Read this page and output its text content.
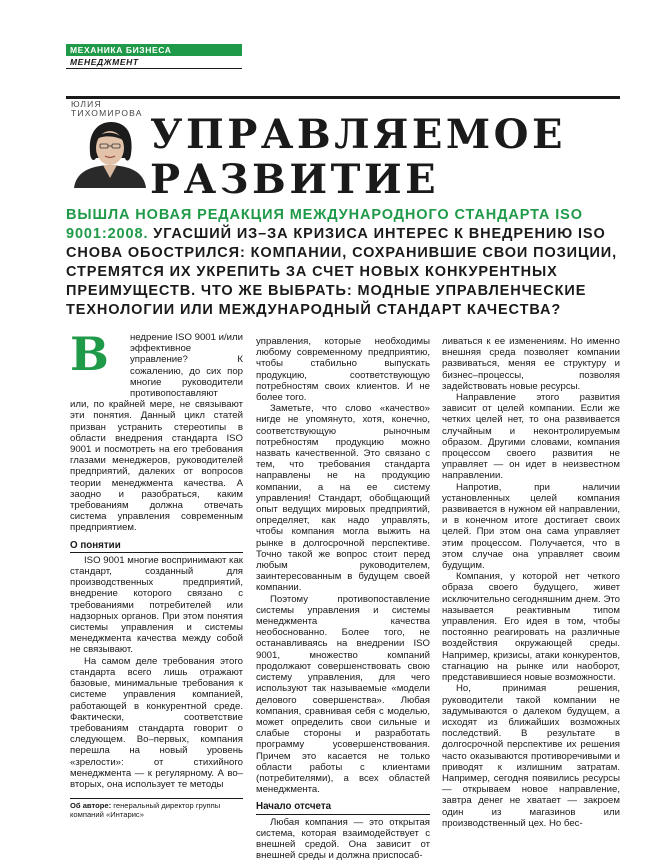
МЕХАНИКА БИЗНЕСА
МЕНЕДЖМЕНТ
ЮЛИЯ
ТИХОМИРОВА УПРАВЛЯЕМОЕ
РАЗВИТИЕ
ВЫШЛА НОВАЯ РЕДАКЦИЯ МЕЖДУНАРОДНОГО СТАНДАРТА ISO 9001:2008. УГАСШИЙ ИЗ–ЗА КРИЗИСА ИНТЕРЕС К ВНЕДРЕНИЮ ISO СНОВА ОБОСТРИЛСЯ: КОМПАНИИ, СОХРАНИВШИЕ СВОИ ПОЗИЦИИ, СТРЕМЯТСЯ ИХ УКРЕПИТЬ ЗА СЧЕТ НОВЫХ КОНКУРЕНТНЫХ ПРЕИМУЩЕСТВ. ЧТО ЖЕ ВЫБРАТЬ: МОДНЫЕ УПРАВЛЕНЧЕСКИЕ ТЕХНОЛОГИИ ИЛИ МЕЖДУНАРОДНЫЙ СТАНДАРТ КАЧЕСТВА?
В	недрение ISO 9001 и/или эффективное управление? К сожалению, до сих пор многие руководители противопоставляют

или, по крайней мере, не связывают эти понятия. Данный цикл статей призван устранить стереотипы в области внедрения стандарта ISO 9001 и посмотреть на его требования глазами менеджеров, руководителей предприятий, далеких от вопросов теории менеджмента качества. А заодно и разобраться, каким требованиям должна отвечать система управления современным предприятием.

О понятии

ISO 9001 многие воспринимают как стандарт, созданный для производственных предприятий, внедрение которого связано с требованиями потребителей или надзорных органов. При этом понятия системы управления и системы менеджмента качества между собой не связывают.

На самом деле требования этого стандарта всего лишь отражают базовые, минимальные требования к системе управления компанией, работающей в конкурентной среде. Фактически, соответствие требованиям стандарта говорит о следующем. Во–первых, компания перешла на новый уровень «зрелости»: от стихийного менеджмента — к регулярному. А во–вторых, она использует те методы

управления, которые необходимы любому современному предприятию, чтобы стабильно выпускать продукцию, соответствующую потребностям своих клиентов. И не более того.

Заметьте, что слово «качество» нигде не упомянуто, хотя, конечно, соответствующую рыночным потребностям продукцию можно назвать качественной. Это связано с тем, что требования стандарта направлены не на продукцию компании, а на ее систему управления! Стандарт, обобщающий опыт ведущих мировых предприятий, определяет, как надо управлять, чтобы компания могла выжить на рынке в долгосрочной перспективе. Точно такой же вопрос стоит перед любым руководителем, заинтересованным в будущем своей компании.

Поэтому противопоставление системы управления и системы менеджмента качества необоснованно. Более того, не останавливаясь на внедрении ISO 9001, множество компаний продолжают совершенствовать свою систему управления, для чего используют так называемые «модели делового совершенства». Любая компания, сравнивая себя с моделью, может определить свои сильные и слабые стороны и разработать программу усовершенствования. Причем это касается не только области работы с клиентами (потребителями), а всех областей менеджмента.

Начало отсчета

Любая компания — это открытая система, которая взаимодействует с внешней средой. Она зависит от внешней среды и должна приспосаб-

ливаться к ее изменениям. Но именно внешняя среда позволяет компании развиваться, меняя ее структуру и бизнес–процессы, позволяя задействовать новые ресурсы.

Направление этого развития зависит от целей компании. Если же четких целей нет, то она развивается случайным и неконтролируемым образом. Другими словами, компания процессом своего развития не управляет — он идет в неизвестном направлении.

Напротив, при наличии установленных целей компания развивается в нужном ей направлении, и в конечном итоге достигает своих целей. При этом она сама управляет этим процессом. Получается, что в этом случае она управляет своим будущим.

Компания, у которой нет четкого образа своего будущего, живет исключительно сегодняшним днем. Это называется реактивным типом управления. Его идея в том, чтобы постоянно реагировать на различные воздействия окружающей среды. Например, кризисы, атаки конкурентов, стагнацию на рынке или наоборот, представившиеся новые возможности.

Но, принимая решения, руководители такой компании не задумываются о далеком будущем, а исходят из ближайших возможных последствий. В результате в долгосрочной перспективе их решения часто оказываются противоречивыми и приводят к излишним затратам. Например, сегодня появились ресурсы — открываем новое направление, завтра денег не хватает — закроем один из магазинов или производственный цех. Но бес-

Об авторе: генеральный директор группы компаний «Интарис»
